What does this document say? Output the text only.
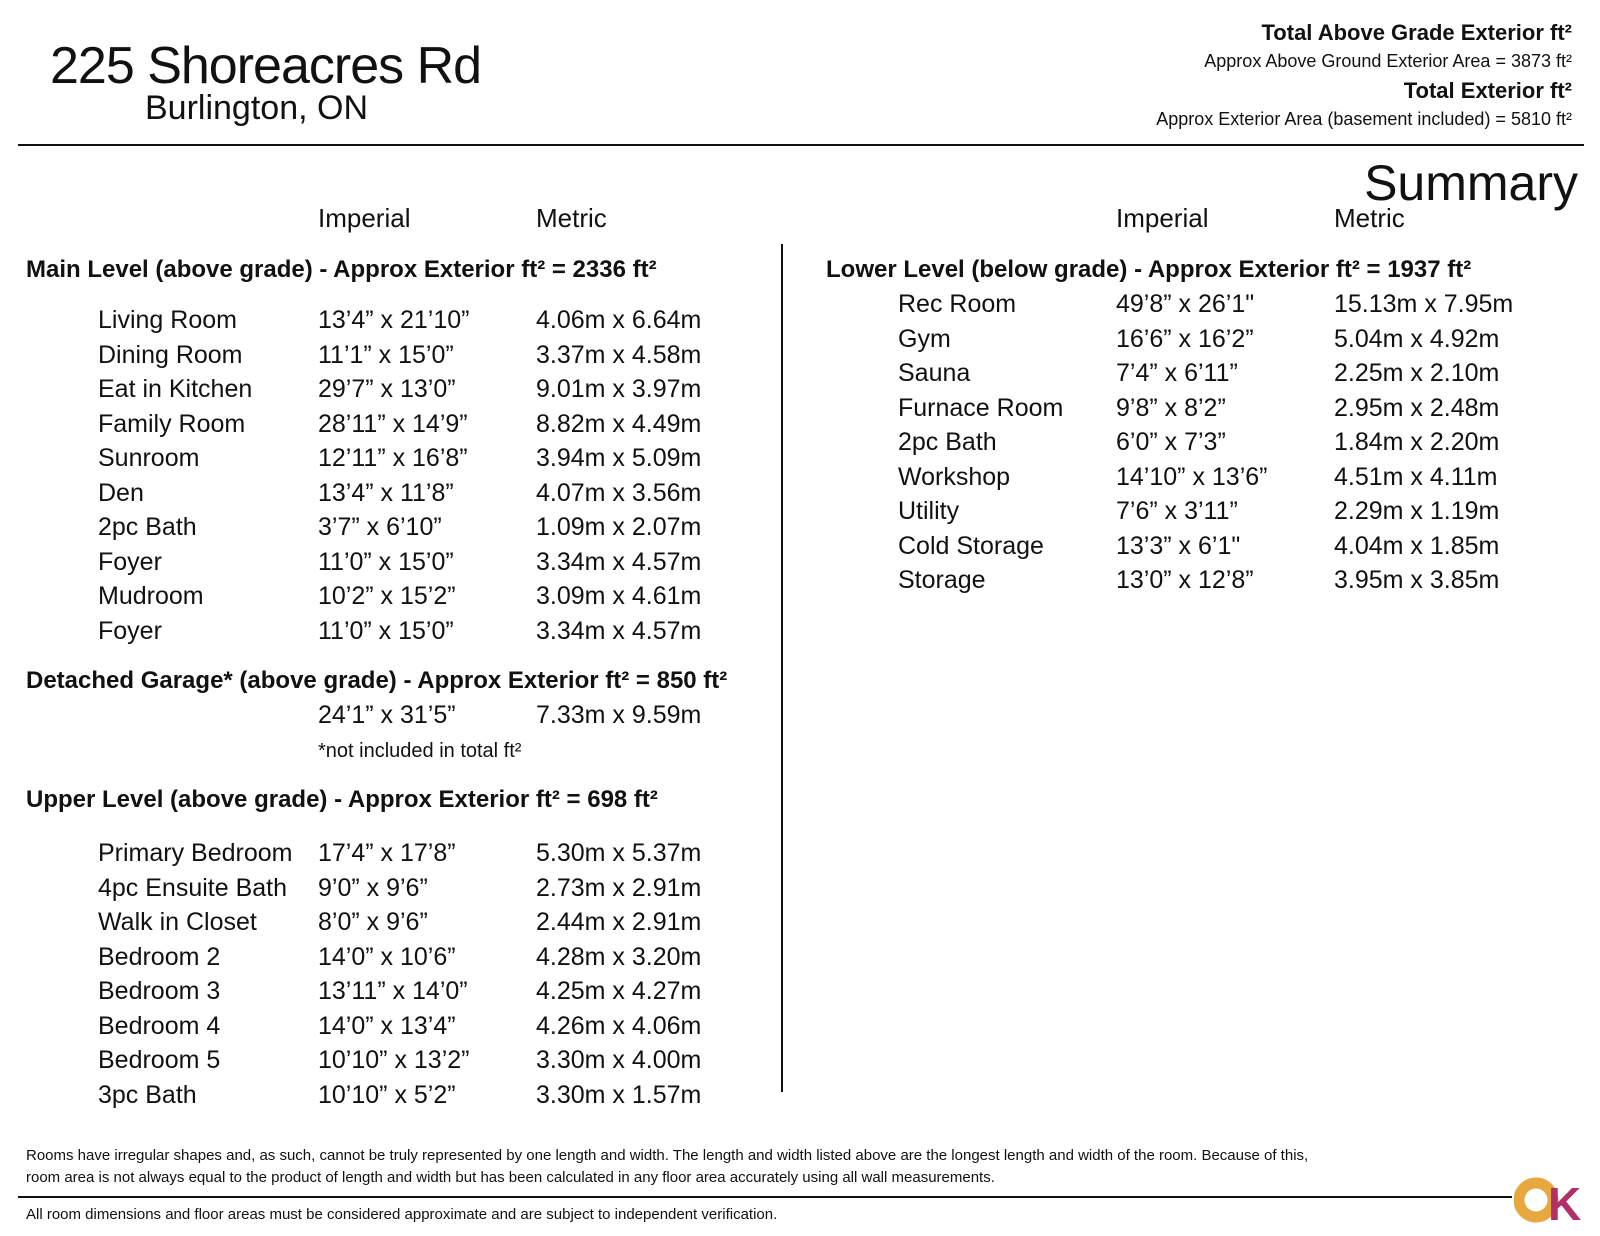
225 Shoreacres Rd
Burlington, ON
Total Above Grade Exterior ft²
Approx Above Ground Exterior Area = 3873 ft²
Total Exterior ft²
Approx Exterior Area (basement included) = 5810 ft²
Summary
Imperial	Metric	Imperial	Metric
Main Level (above grade) - Approx Exterior ft² = 2336 ft²
Living Room	13’4” x 21’10”	4.06m x 6.64m
Dining Room	11’1” x 15’0”	3.37m x 4.58m
Eat in Kitchen	29’7” x 13’0”	9.01m x 3.97m
Family Room	28’11” x 14’9”	8.82m x 4.49m
Sunroom	12’11” x 16’8”	3.94m x 5.09m
Den	13’4” x 11’8”	4.07m x 3.56m
2pc Bath	3’7” x 6’10”	1.09m x 2.07m
Foyer	11’0” x 15’0”	3.34m x 4.57m
Mudroom	10’2” x 15’2”	3.09m x 4.61m
Foyer	11’0” x 15’0”	3.34m x 4.57m
Detached Garage* (above grade) - Approx Exterior ft² = 850 ft²
24’1” x 31’5”	7.33m x 9.59m
*not included in total ft²
Upper Level (above grade) - Approx Exterior ft² = 698 ft²
Primary Bedroom 17’4” x 17’8”	5.30m x 5.37m
4pc Ensuite Bath 9’0” x 9’6”	2.73m x 2.91m
Walk in Closet 8’0” x 9’6”	2.44m x 2.91m
Bedroom 2	14’0” x 10’6”	4.28m x 3.20m
Bedroom 3	13’11” x 14’0”	4.25m x 4.27m
Bedroom 4	14’0” x 13’4”	4.26m x 4.06m
Bedroom 5	10’10” x 13’2”	3.30m x 4.00m
3pc Bath	10’10” x 5’2”	3.30m x 1.57m
Lower Level (below grade) - Approx Exterior ft² = 1937 ft²
Rec Room	49’8” x 26’1"	15.13m x 7.95m
Gym	16’6” x 16’2”	5.04m x 4.92m
Sauna	7’4” x 6’11”	2.25m x 2.10m
Furnace Room 9’8” x 8’2”	2.95m x 2.48m
2pc Bath	6’0” x 7’3”	1.84m x 2.20m
Workshop	14’10” x 13’6”	4.51m x 4.11m
Utility	7’6” x 3’11”	2.29m x 1.19m
Cold Storage	13’3” x 6’1"	4.04m x 1.85m
Storage	13’0” x 12’8”	3.95m x 3.85m
Rooms have irregular shapes and, as such, cannot be truly represented by one length and width. The length and width listed above are the longest length and width of the room. Because of this,
room area is not always equal to the product of length and width but has been calculated in any floor area accurately using all wall measurements.
All room dimensions and floor areas must be considered approximate and are subject to independent verification.	K
